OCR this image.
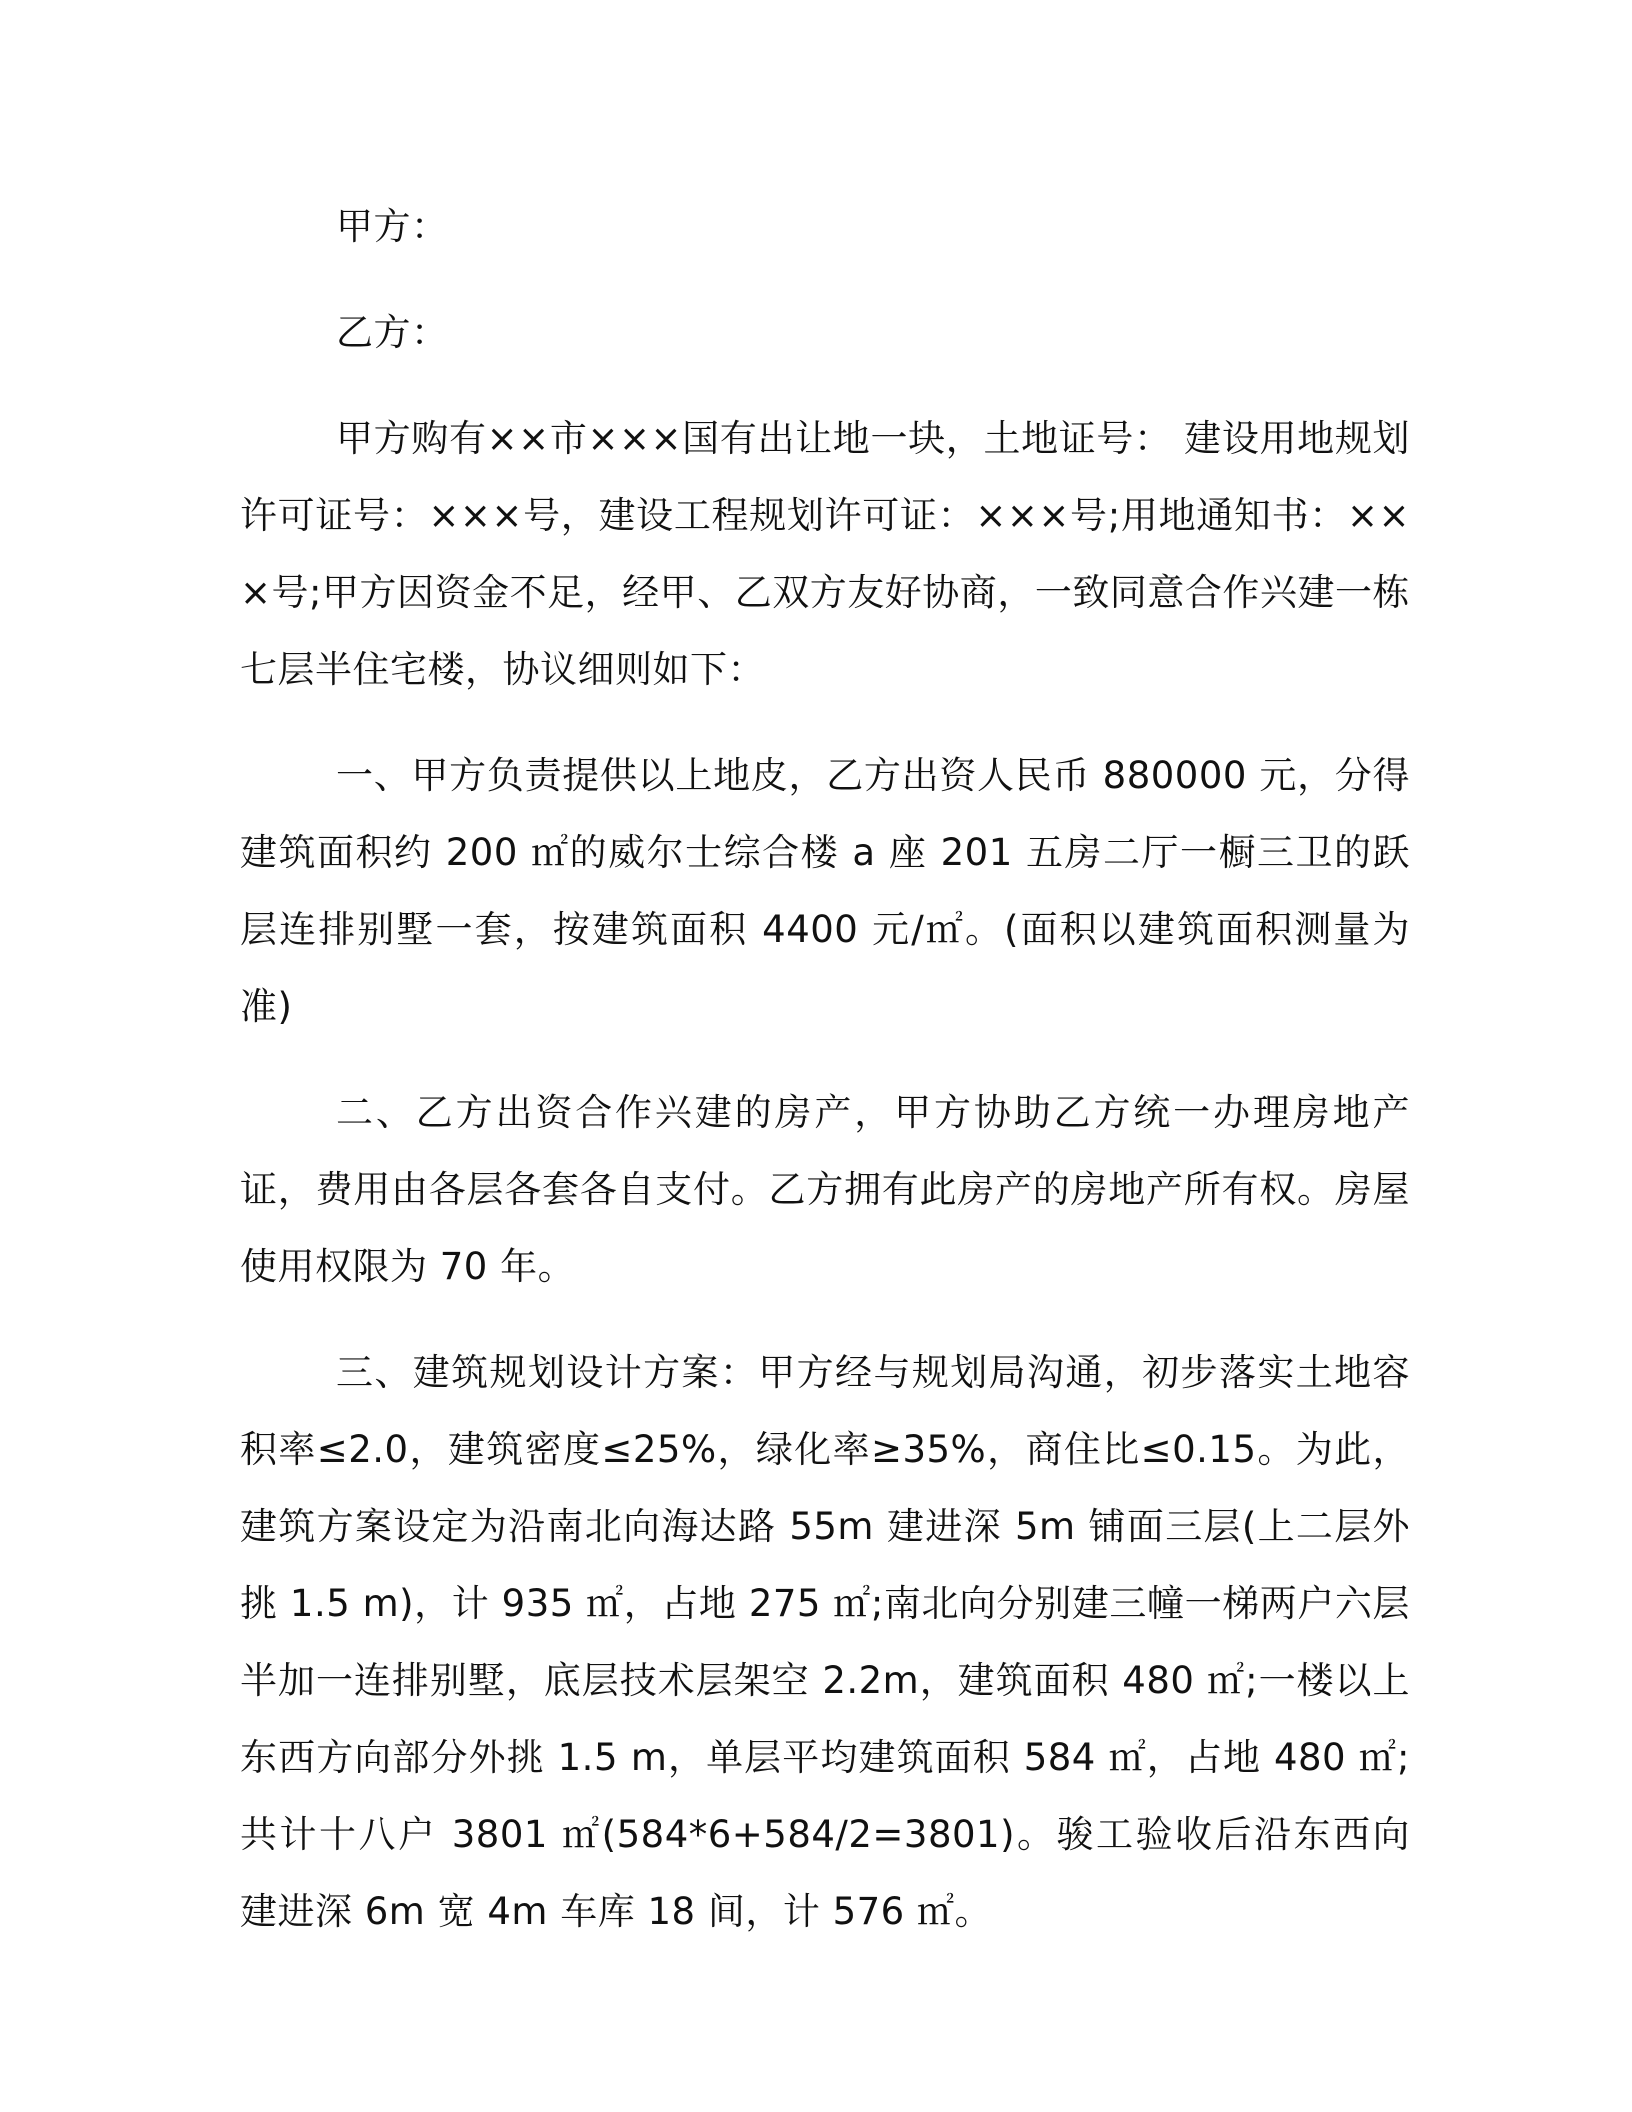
甲方：

乙方：

甲方购有××市×××国有出让地一块，土地证号： 建设用地规划许可证号：×××号，建设工程规划许可证：×××号;用地通知书：×××号;甲方因资金不足，经甲、乙双方友好协商，一致同意合作兴建一栋七层半住宅楼，协议细则如下：

一、甲方负责提供以上地皮，乙方出资人民币 880000 元，分得建筑面积约 200 ㎡的威尔士综合楼 a 座 201 五房二厅一橱三卫的跃层连排别墅一套，按建筑面积 4400 元/㎡。(面积以建筑面积测量为准)

二、乙方出资合作兴建的房产，甲方协助乙方统一办理房地产证，费用由各层各套各自支付。乙方拥有此房产的房地产所有权。房屋使用权限为 70 年。

三、建筑规划设计方案：甲方经与规划局沟通，初步落实土地容积率≤2.0，建筑密度≤25%，绿化率≥35%，商住比≤0.15。为此，建筑方案设定为沿南北向海达路 55m 建进深 5m 铺面三层(上二层外挑 1.5 m)，计 935 ㎡，占地 275 ㎡;南北向分别建三幢一梯两户六层半加一连排别墅，底层技术层架空 2.2m，建筑面积 480 ㎡;一楼以上东西方向部分外挑 1.5 m，单层平均建筑面积 584 ㎡，占地 480 ㎡;共计十八户 3801 ㎡(584*6+584/2=3801)。骏工验收后沿东西向建进深 6m 宽 4m 车库 18 间，计 576 ㎡。
